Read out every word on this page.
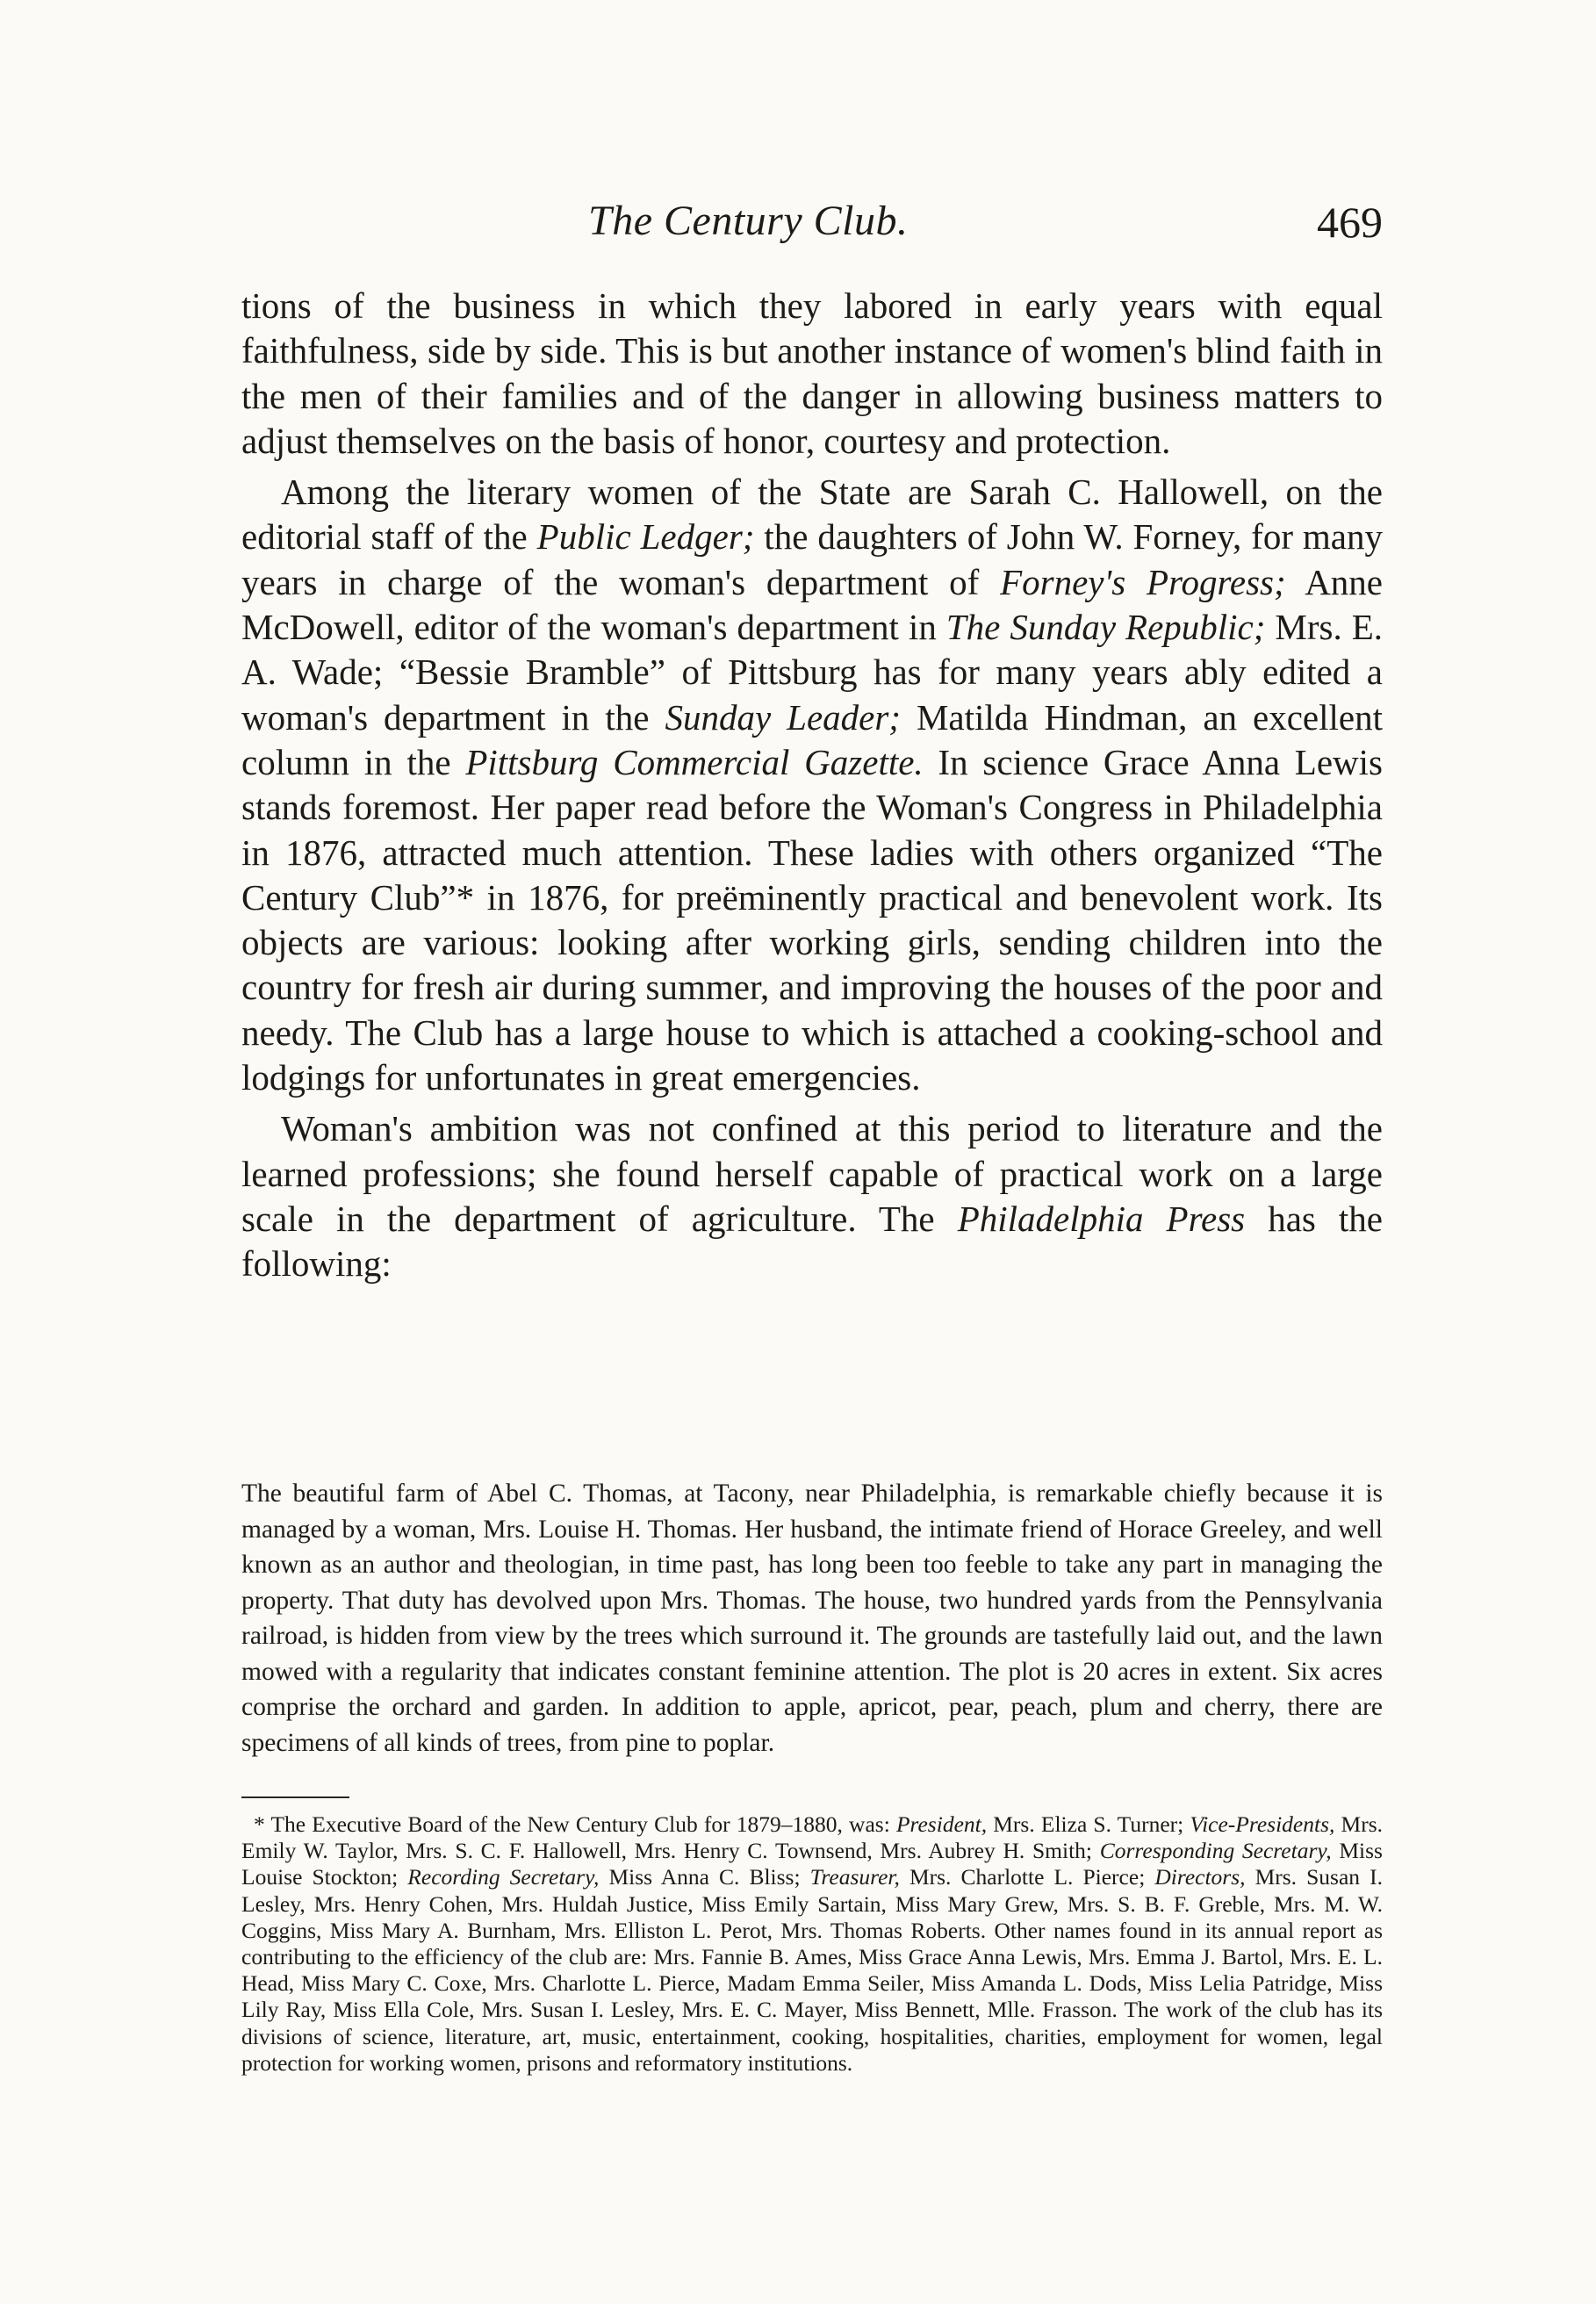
The Century Club.	469

tions of the business in which they labored in early years with equal faithfulness, side by side. This is but another instance of women's blind faith in the men of their families and of the danger in allowing business matters to adjust themselves on the basis of honor, courtesy and protection.

Among the literary women of the State are Sarah C. Hallowell, on the editorial staff of the Public Ledger; the daughters of John W. Forney, for many years in charge of the woman's department of Forney's Progress; Anne McDowell, editor of the woman's department in The Sunday Republic; Mrs. E. A. Wade; “Bessie Bramble” of Pittsburg has for many years ably edited a woman's department in the Sunday Leader; Matilda Hindman, an excellent column in the Pittsburg Commercial Gazette. In science Grace Anna Lewis stands foremost. Her paper read before the Woman's Congress in Philadelphia in 1876, attracted much attention. These ladies with others organized “The Century Club”* in 1876, for preëminently practical and benevolent work. Its objects are various: looking after working girls, sending children into the country for fresh air during summer, and improving the houses of the poor and needy. The Club has a large house to which is attached a cooking-school and lodgings for unfortunates in great emergencies.

Woman's ambition was not confined at this period to literature and the learned professions; she found herself capable of practical work on a large scale in the department of agriculture. The Philadelphia Press has the following:

The beautiful farm of Abel C. Thomas, at Tacony, near Philadelphia, is remarkable chiefly because it is managed by a woman, Mrs. Louise H. Thomas. Her husband, the intimate friend of Horace Greeley, and well known as an author and theologian, in time past, has long been too feeble to take any part in managing the property. That duty has devolved upon Mrs. Thomas. The house, two hundred yards from the Pennsylvania railroad, is hidden from view by the trees which surround it. The grounds are tastefully laid out, and the lawn mowed with a regularity that indicates constant feminine attention. The plot is 20 acres in extent. Six acres comprise the orchard and garden. In addition to apple, apricot, pear, peach, plum and cherry, there are specimens of all kinds of trees, from pine to poplar.

* The Executive Board of the New Century Club for 1879–1880, was: President, Mrs. Eliza S. Turner; Vice-Presidents, Mrs. Emily W. Taylor, Mrs. S. C. F. Hallowell, Mrs. Henry C. Townsend, Mrs. Aubrey H. Smith; Corresponding Secretary, Miss Louise Stockton; Recording Secretary, Miss Anna C. Bliss; Treasurer, Mrs. Charlotte L. Pierce; Directors, Mrs. Susan I. Lesley, Mrs. Henry Cohen, Mrs. Huldah Justice, Miss Emily Sartain, Miss Mary Grew, Mrs. S. B. F. Greble, Mrs. M. W. Coggins, Miss Mary A. Burnham, Mrs. Elliston L. Perot, Mrs. Thomas Roberts. Other names found in its annual report as contributing to the efficiency of the club are: Mrs. Fannie B. Ames, Miss Grace Anna Lewis, Mrs. Emma J. Bartol, Mrs. E. L. Head, Miss Mary C. Coxe, Mrs. Charlotte L. Pierce, Madam Emma Seiler, Miss Amanda L. Dods, Miss Lelia Patridge, Miss Lily Ray, Miss Ella Cole, Mrs. Susan I. Lesley, Mrs. E. C. Mayer, Miss Bennett, Mlle. Frasson. The work of the club has its divisions of science, literature, art, music, entertainment, cooking, hospitalities, charities, employment for women, legal protection for working women, prisons and reformatory institutions.
